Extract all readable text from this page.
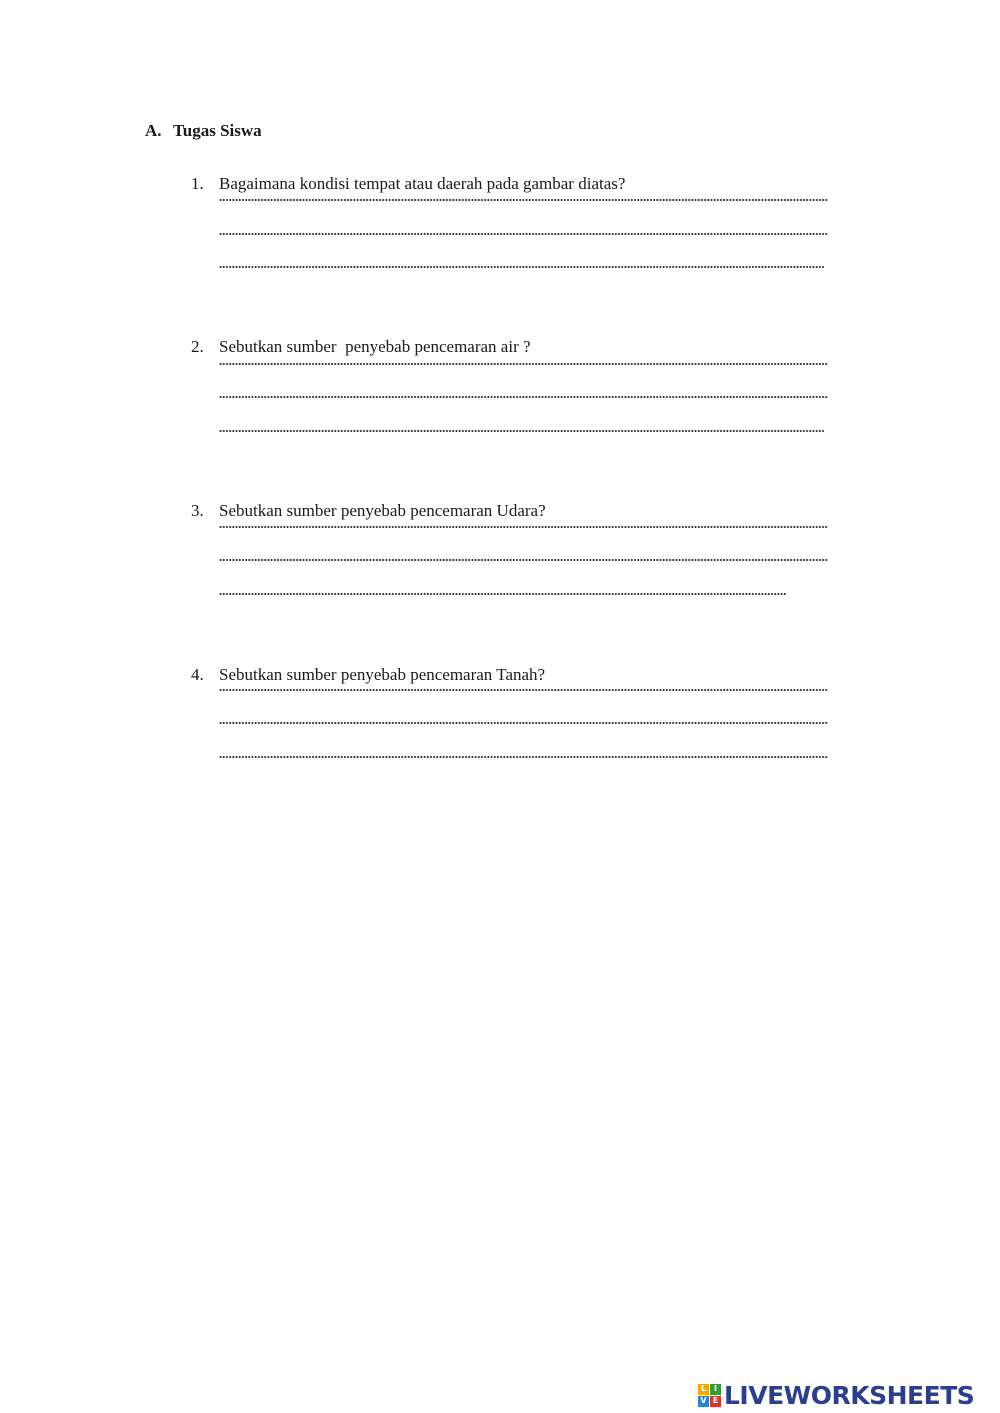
A. Tugas Siswa

1. Bagaimana kondisi tempat atau daerah pada gambar diatas?

2. Sebutkan sumber  penyebab pencemaran air ?

3. Sebutkan sumber penyebab pencemaran Udara?

4. Sebutkan sumber penyebab pencemaran Tanah?

L I
V E LIVEWORKSHEETS
